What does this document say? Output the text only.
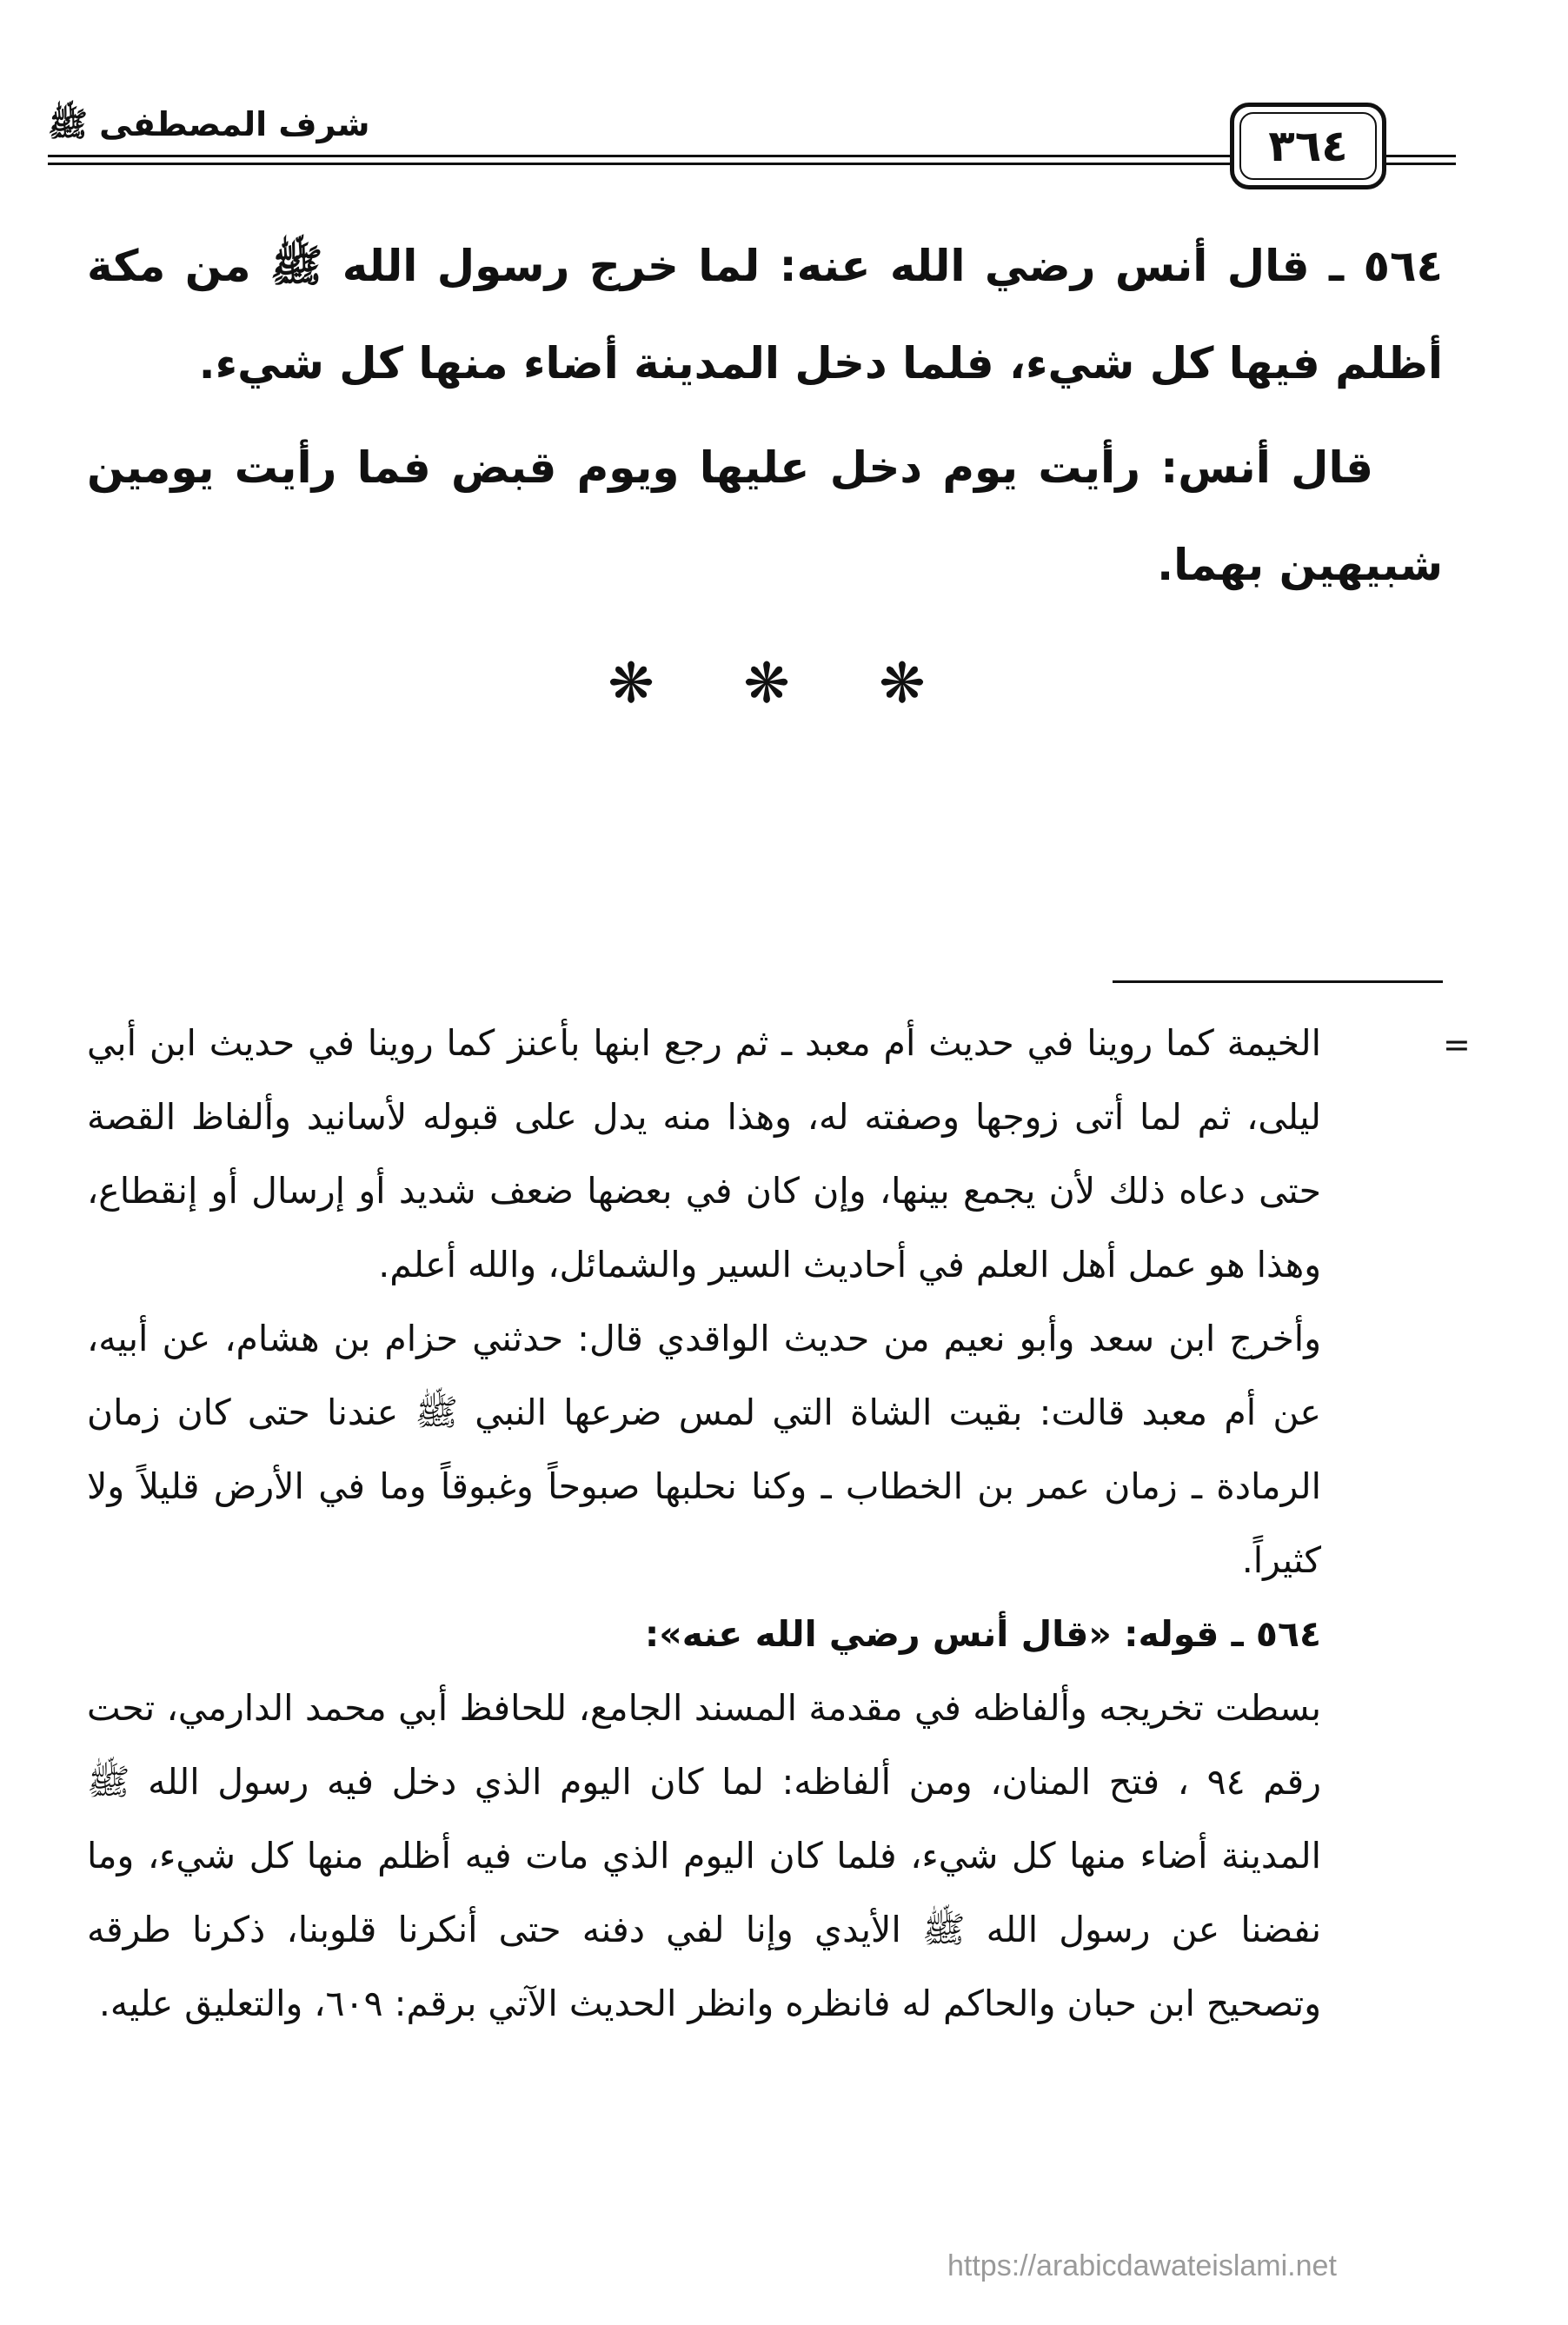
شرف المصطفى ﷺ	٣٦٤

٥٦٤ ـ قال أنس رضي الله عنه: لما خرج رسول الله ﷺ من مكة أظلم فيها كل شيء، فلما دخل المدينة أضاء منها كل شيء.

قال أنس: رأيت يوم دخل عليها ويوم قبض فما رأيت يومين شبيهين بهما.

❋ ❋ ❋
=

الخيمة كما روينا في حديث أم معبد ـ ثم رجع ابنها بأعنز كما روينا في حديث ابن أبي ليلى، ثم لما أتى زوجها وصفته له، وهذا منه يدل على قبوله لأسانيد وألفاظ القصة حتى دعاه ذلك لأن يجمع بينها، وإن كان في بعضها ضعف شديد أو إرسال أو إنقطاع، وهذا هو عمل أهل العلم في أحاديث السير والشمائل، والله أعلم.

وأخرج ابن سعد وأبو نعيم من حديث الواقدي قال: حدثني حزام بن هشام، عن أبيه، عن أم معبد قالت: بقيت الشاة التي لمس ضرعها النبي ﷺ عندنا حتى كان زمان الرمادة ـ زمان عمر بن الخطاب ـ وكنا نحلبها صبوحاً وغبوقاً وما في الأرض قليلاً ولا كثيراً.

٥٦٤ ـ قوله: «قال أنس رضي الله عنه»:

بسطت تخريجه وألفاظه في مقدمة المسند الجامع، للحافظ أبي محمد الدارمي، تحت رقم ٩٤ ، فتح المنان، ومن ألفاظه: لما كان اليوم الذي دخل فيه رسول الله ﷺ المدينة أضاء منها كل شيء، فلما كان اليوم الذي مات فيه أظلم منها كل شيء، وما نفضنا عن رسول الله ﷺ الأيدي وإنا لفي دفنه حتى أنكرنا قلوبنا، ذكرنا طرقه وتصحيح ابن حبان والحاكم له فانظره وانظر الحديث الآتي برقم: ٦٠٩، والتعليق عليه.

https://arabicdawateislami.net
